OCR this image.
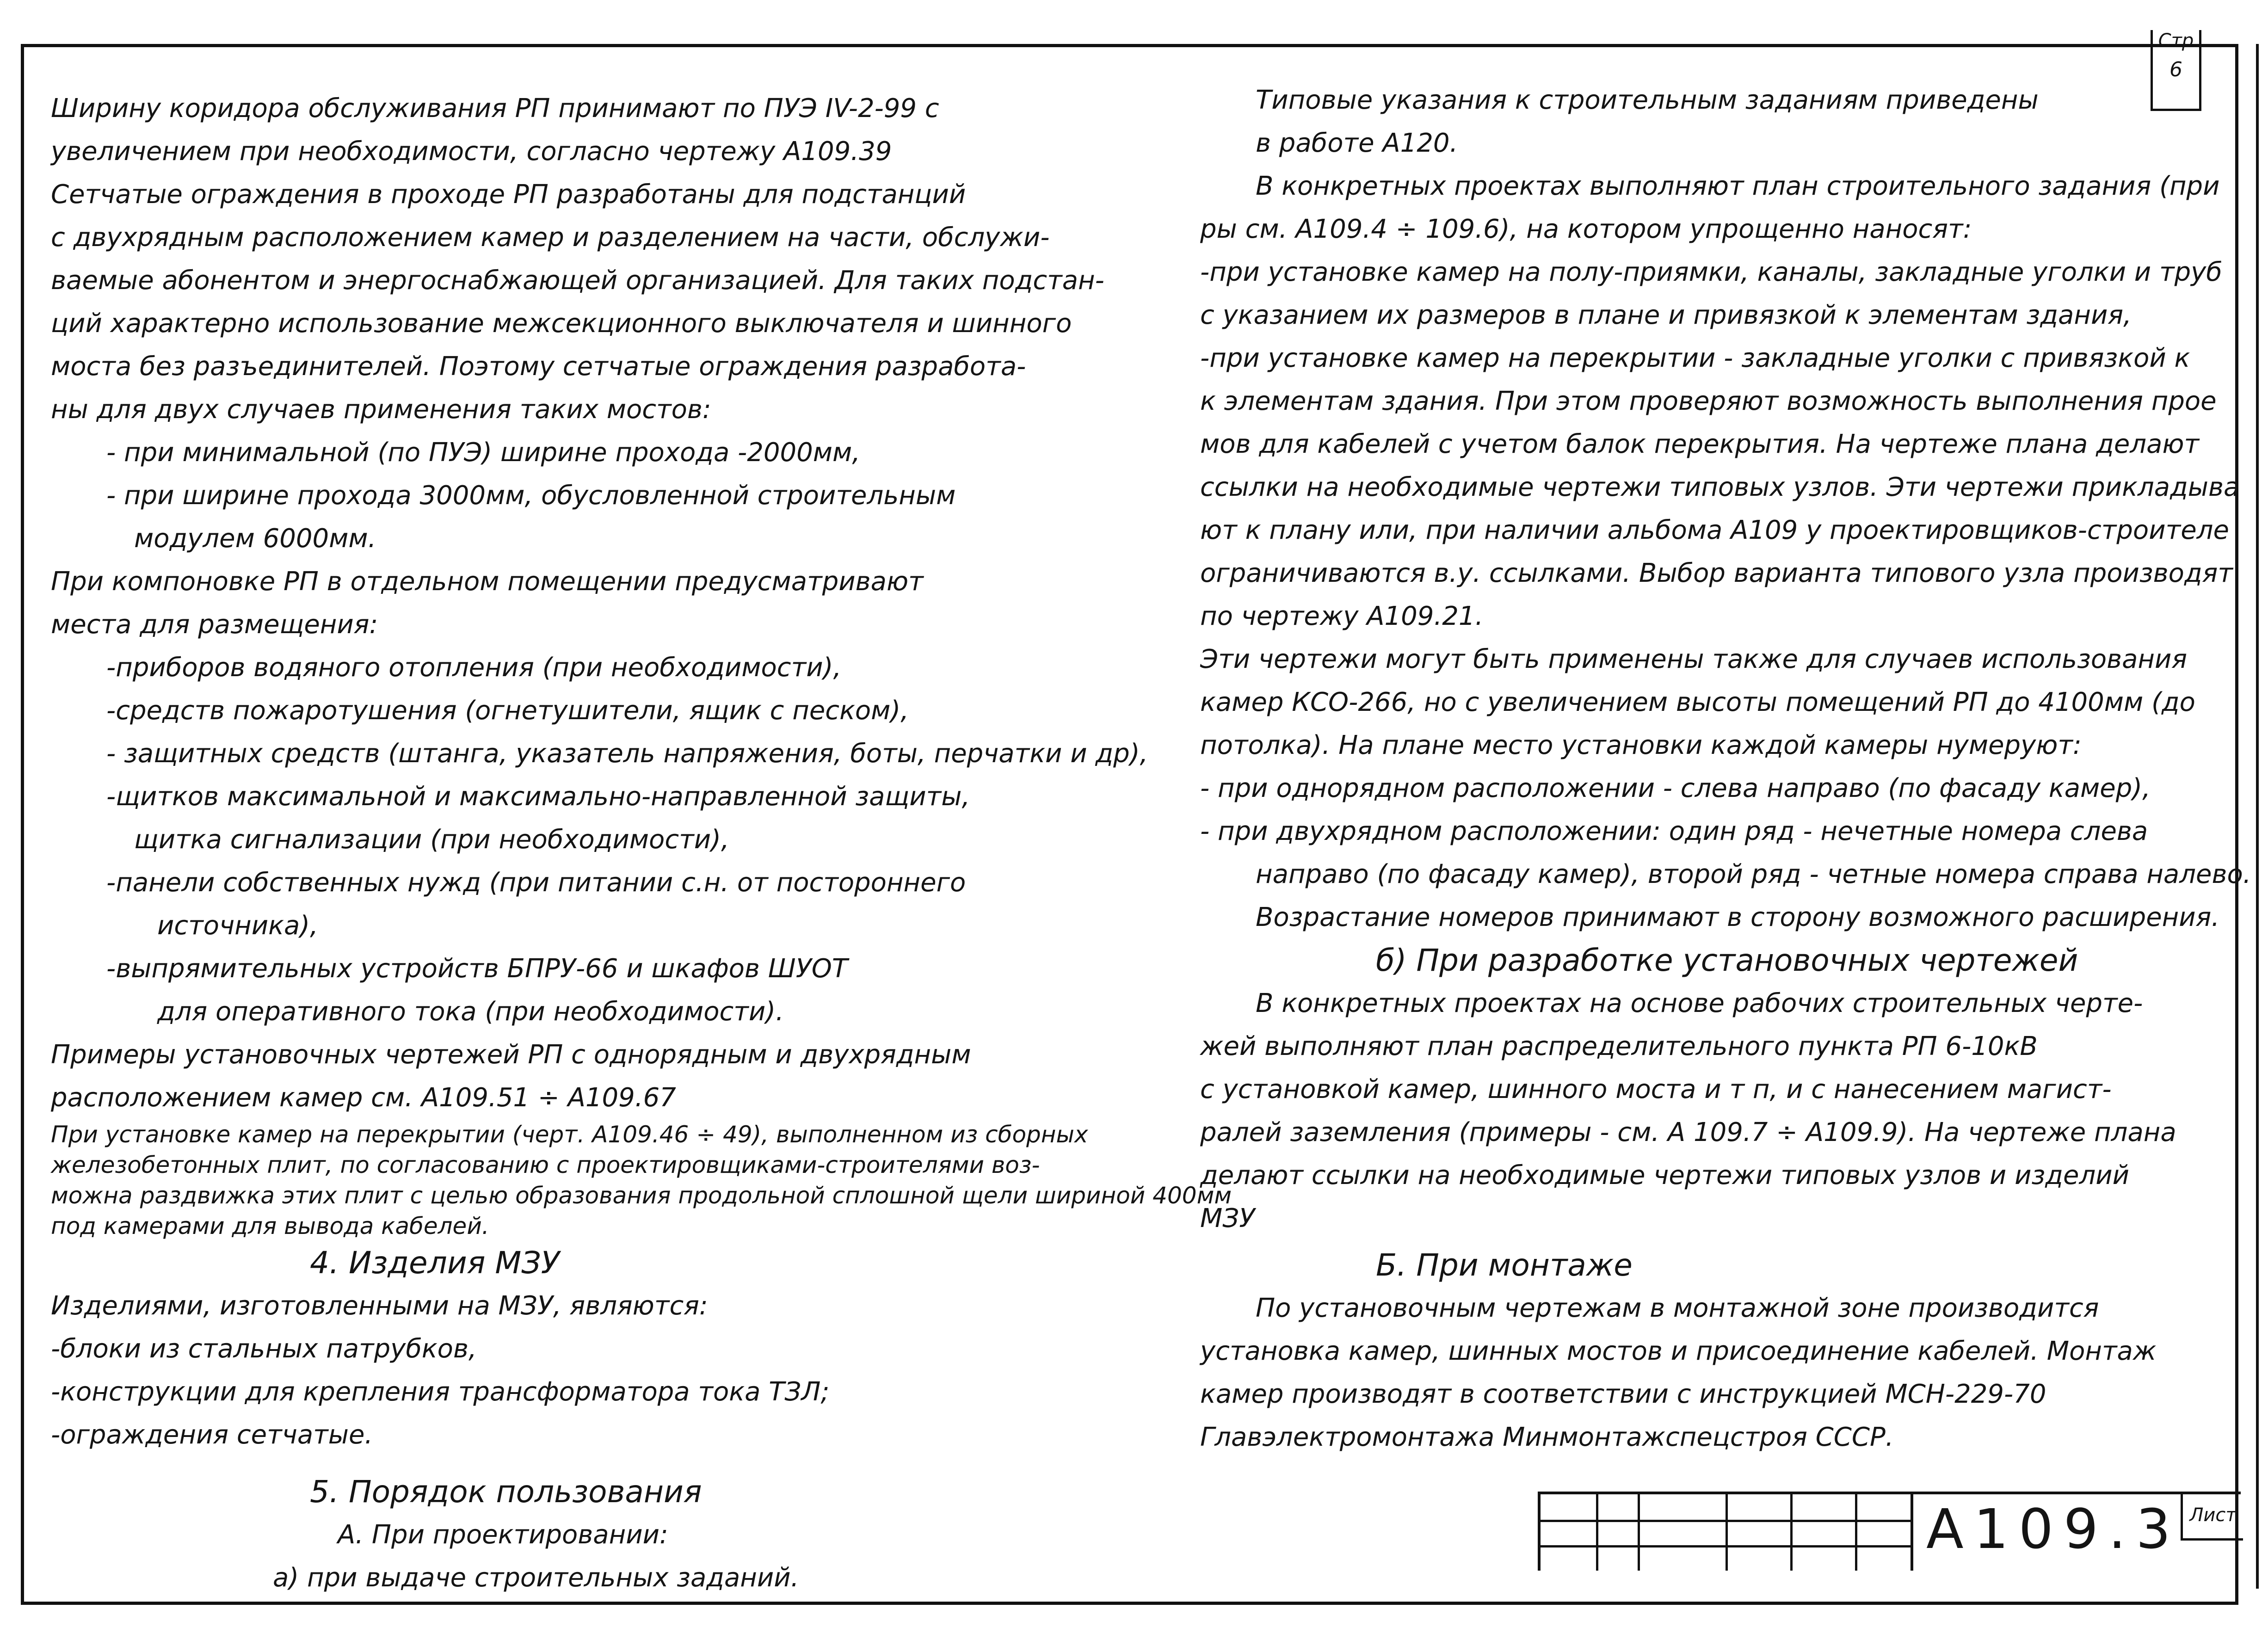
Стр
6
Ширину коридора обслуживания РП принимают по ПУЭ IV-2-99 с
увеличением при необходимости, согласно чертежу А109.39
Сетчатые ограждения в проходе РП разработаны для подстанций
с двухрядным расположением камер и разделением на части, обслужи-
ваемые абонентом и энергоснабжающей организацией. Для таких подстан-
ций характерно использование межсекционного выключателя и шинного
моста без разъединителей. Поэтому сетчатые ограждения разработа-
ны для двух случаев применения таких мостов:
- при минимальной (по ПУЭ) ширине прохода -2000мм,
- при ширине прохода 3000мм, обусловленной строительным
модулем 6000мм.
При компоновке РП в отдельном помещении предусматривают
места для размещения:
-приборов водяного отопления (при необходимости),
-средств пожаротушения (огнетушители, ящик с песком),
- защитных средств (штанга, указатель напряжения, боты, перчатки и др),
-щитков максимальной и максимально-направленной защиты,
щитка сигнализации (при необходимости),
-панели собственных нужд (при питании с.н. от постороннего
источника),
-выпрямительных устройств БПРУ-66 и шкафов ШУОТ
для оперативного тока (при необходимости).
Примеры установочных чертежей РП с однорядным и двухрядным
расположением камер см. А109.51 ÷ А109.67
При установке камер на перекрытии (черт. А109.46 ÷ 49), выполненном из сборных
железобетонных плит, по согласованию с проектировщиками-строителями воз-
можна раздвижка этих плит с целью образования продольной сплошной щели шириной 400мм
под камерами для вывода кабелей.
4. Изделия МЗУ
Изделиями, изготовленными на МЗУ, являются:
-блоки из стальных патрубков,
-конструкции для крепления трансформатора тока ТЗЛ;
-ограждения сетчатые.
5. Порядок пользования
А. При проектировании:
а) при выдаче строительных заданий.
Типовые указания к строительным заданиям приведены
в работе А120.
В конкретных проектах выполняют план строительного задания (при
ры см. А109.4 ÷ 109.6), на котором упрощенно наносят:
-при установке камер на полу-приямки, каналы, закладные уголки и труб
с указанием их размеров в плане и привязкой к элементам здания,
-при установке камер на перекрытии - закладные уголки с привязкой к
к элементам здания. При этом проверяют возможность выполнения прое
мов для кабелей с учетом балок перекрытия. На чертеже плана делают
ссылки на необходимые чертежи типовых узлов. Эти чертежи прикладыва
ют к плану или, при наличии альбома А109 у проектировщиков-строителе
ограничиваются в.у. ссылками. Выбор варианта типового узла производят
по чертежу А109.21.
Эти чертежи могут быть применены также для случаев использования
камер КСО-266, но с увеличением высоты помещений РП до 4100мм (до
потолка). На плане место установки каждой камеры нумеруют:
- при однорядном расположении - слева направо (по фасаду камер),
- при двухрядном расположении: один ряд - нечетные номера слева
направо (по фасаду камер), второй ряд - четные номера справа налево.
Возрастание номеров принимают в сторону возможного расширения.
б) При разработке установочных чертежей
В конкретных проектах на основе рабочих строительных черте-
жей выполняют план распределительного пункта РП 6-10кВ
с установкой камер, шинного моста и т п, и с нанесением магист-
ралей заземления (примеры - см. А 109.7 ÷ А109.9). На чертеже плана
делают ссылки на необходимые чертежи типовых узлов и изделий
МЗУ
Б. При монтаже
По установочным чертежам в монтажной зоне производится
установка камер, шинных мостов и присоединение кабелей. Монтаж
камер производят в соответствии с инструкцией МСН-229-70
Главэлектромонтажа Минмонтажспецстроя СССР.
А109.3 Лист
